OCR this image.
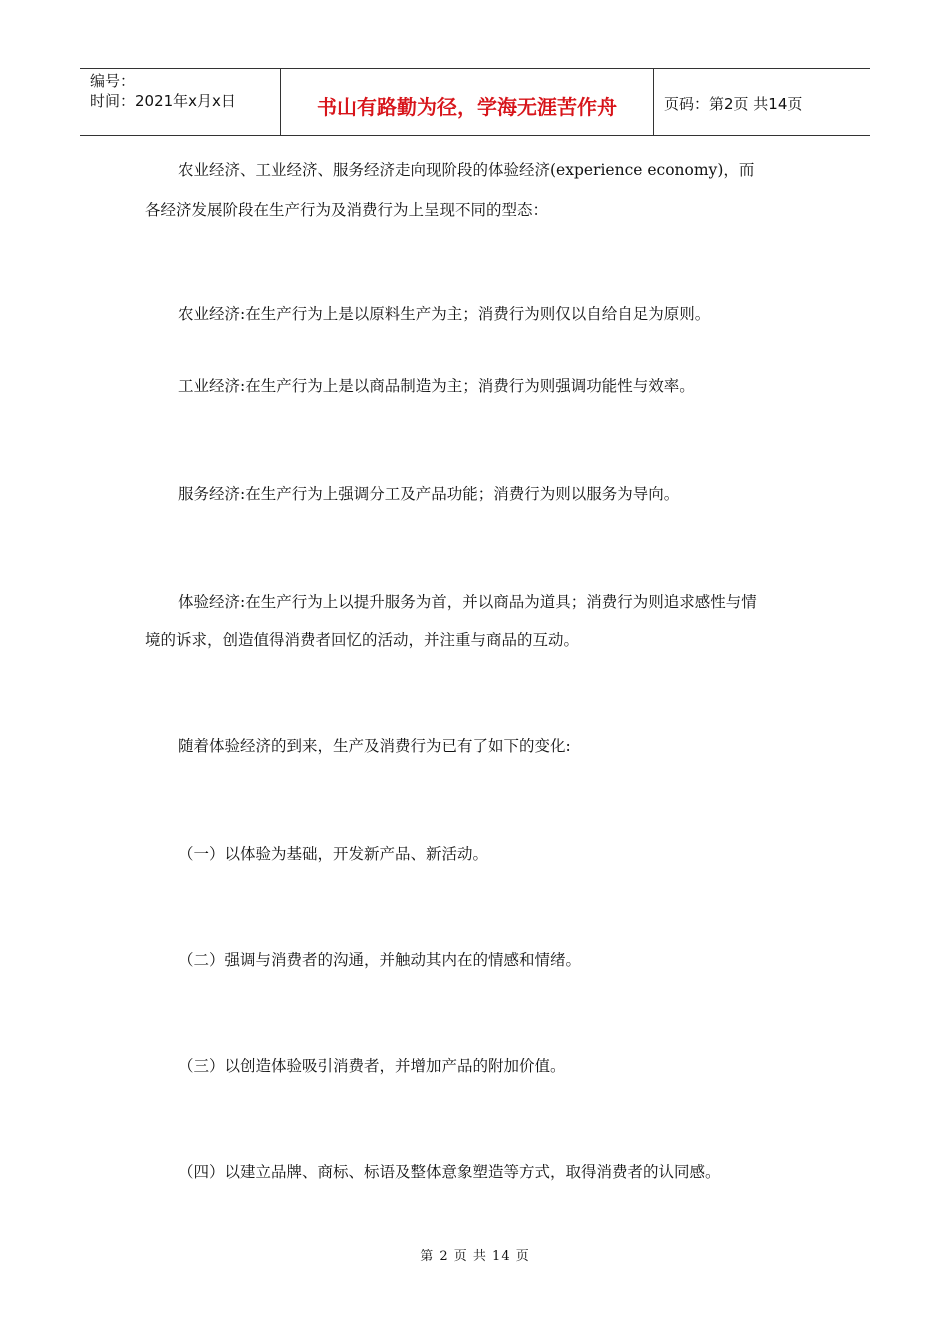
编号：
时间：2021年x月x日	书山有路勤为径，学海无涯苦作舟	页码：第2页 共14页

农业经济、工业经济、服务经济走向现阶段的体验经济(experience economy)，而

各经济发展阶段在生产行为及消费行为上呈现不同的型态：

农业经济:在生产行为上是以原料生产为主；消费行为则仅以自给自足为原则。

工业经济:在生产行为上是以商品制造为主；消费行为则强调功能性与效率。

服务经济:在生产行为上强调分工及产品功能；消费行为则以服务为导向。

体验经济:在生产行为上以提升服务为首，并以商品为道具；消费行为则追求感性与情

境的诉求，创造值得消费者回忆的活动，并注重与商品的互动。

随着体验经济的到来，生产及消费行为已有了如下的变化:

（一）以体验为基础，开发新产品、新活动。

（二）强调与消费者的沟通，并触动其内在的情感和情绪。

（三）以创造体验吸引消费者，并增加产品的附加价值。

（四）以建立品牌、商标、标语及整体意象塑造等方式，取得消费者的认同感。

第 2 页 共 14 页
